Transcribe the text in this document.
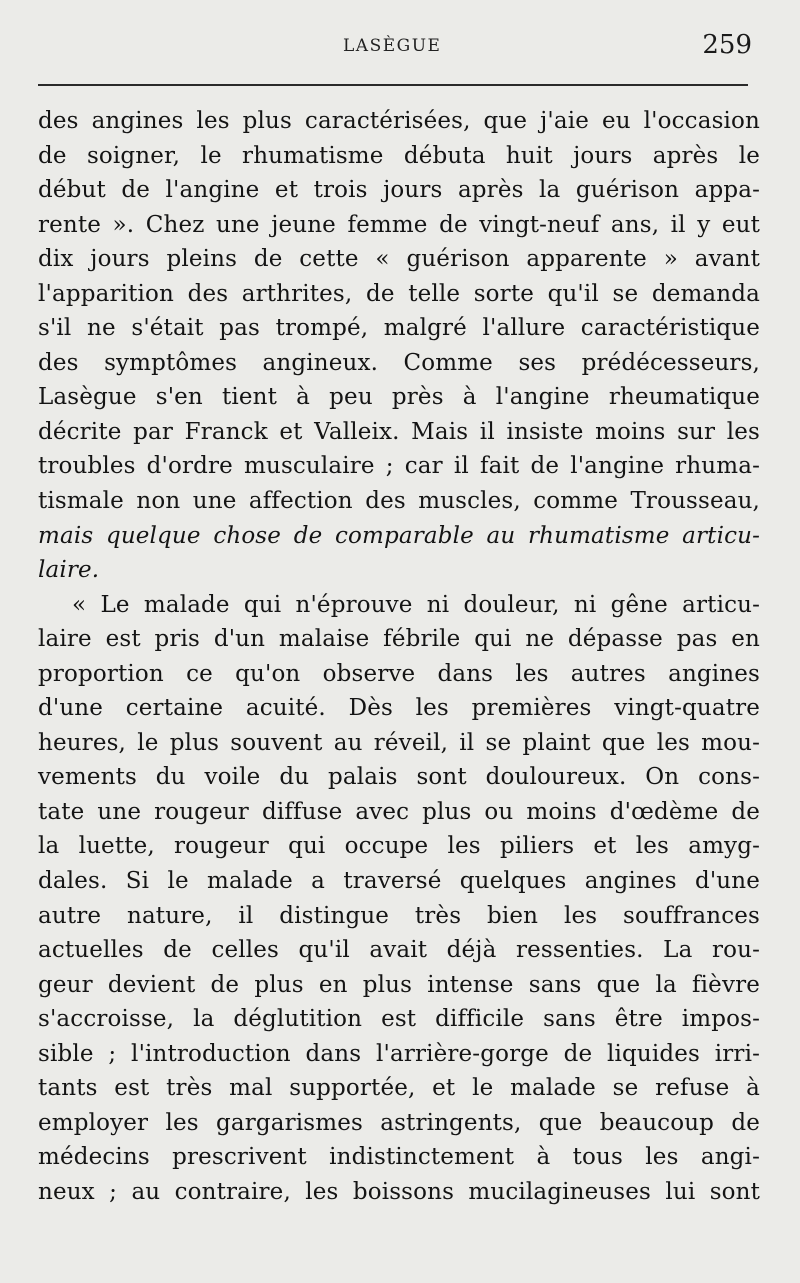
LASÈGUE	259
des angines les plus caractérisées, que j'aie eu l'occasion
de soigner, le rhumatisme débuta huit jours après le
début de l'angine et trois jours après la guérison appa-
rente ». Chez une jeune femme de vingt-neuf ans, il y eut
dix jours pleins de cette « guérison apparente » avant
l'apparition des arthrites, de telle sorte qu'il se demanda
s'il ne s'était pas trompé, malgré l'allure caractéristique
des symptômes angineux. Comme ses prédécesseurs,
Lasègue s'en tient à peu près à l'angine rheumatique
décrite par Franck et Valleix. Mais il insiste moins sur les
troubles d'ordre musculaire ; car il fait de l'angine rhuma-
tismale non une affection des muscles, comme Trousseau,
mais quelque chose de comparable au rhumatisme articu-
laire.
« Le malade qui n'éprouve ni douleur, ni gêne articu-
laire est pris d'un malaise fébrile qui ne dépasse pas en
proportion ce qu'on observe dans les autres angines
d'une certaine acuité. Dès les premières vingt-quatre
heures, le plus souvent au réveil, il se plaint que les mou-
vements du voile du palais sont douloureux. On cons-
tate une rougeur diffuse avec plus ou moins d'œdème de
la luette, rougeur qui occupe les piliers et les amyg-
dales. Si le malade a traversé quelques angines d'une
autre nature, il distingue très bien les souffrances
actuelles de celles qu'il avait déjà ressenties. La rou-
geur devient de plus en plus intense sans que la fièvre
s'accroisse, la déglutition est difficile sans être impos-
sible ; l'introduction dans l'arrière-gorge de liquides irri-
tants est très mal supportée, et le malade se refuse à
employer les gargarismes astringents, que beaucoup de
médecins prescrivent indistinctement à tous les angi-
neux ; au contraire, les boissons mucilagineuses lui sont
